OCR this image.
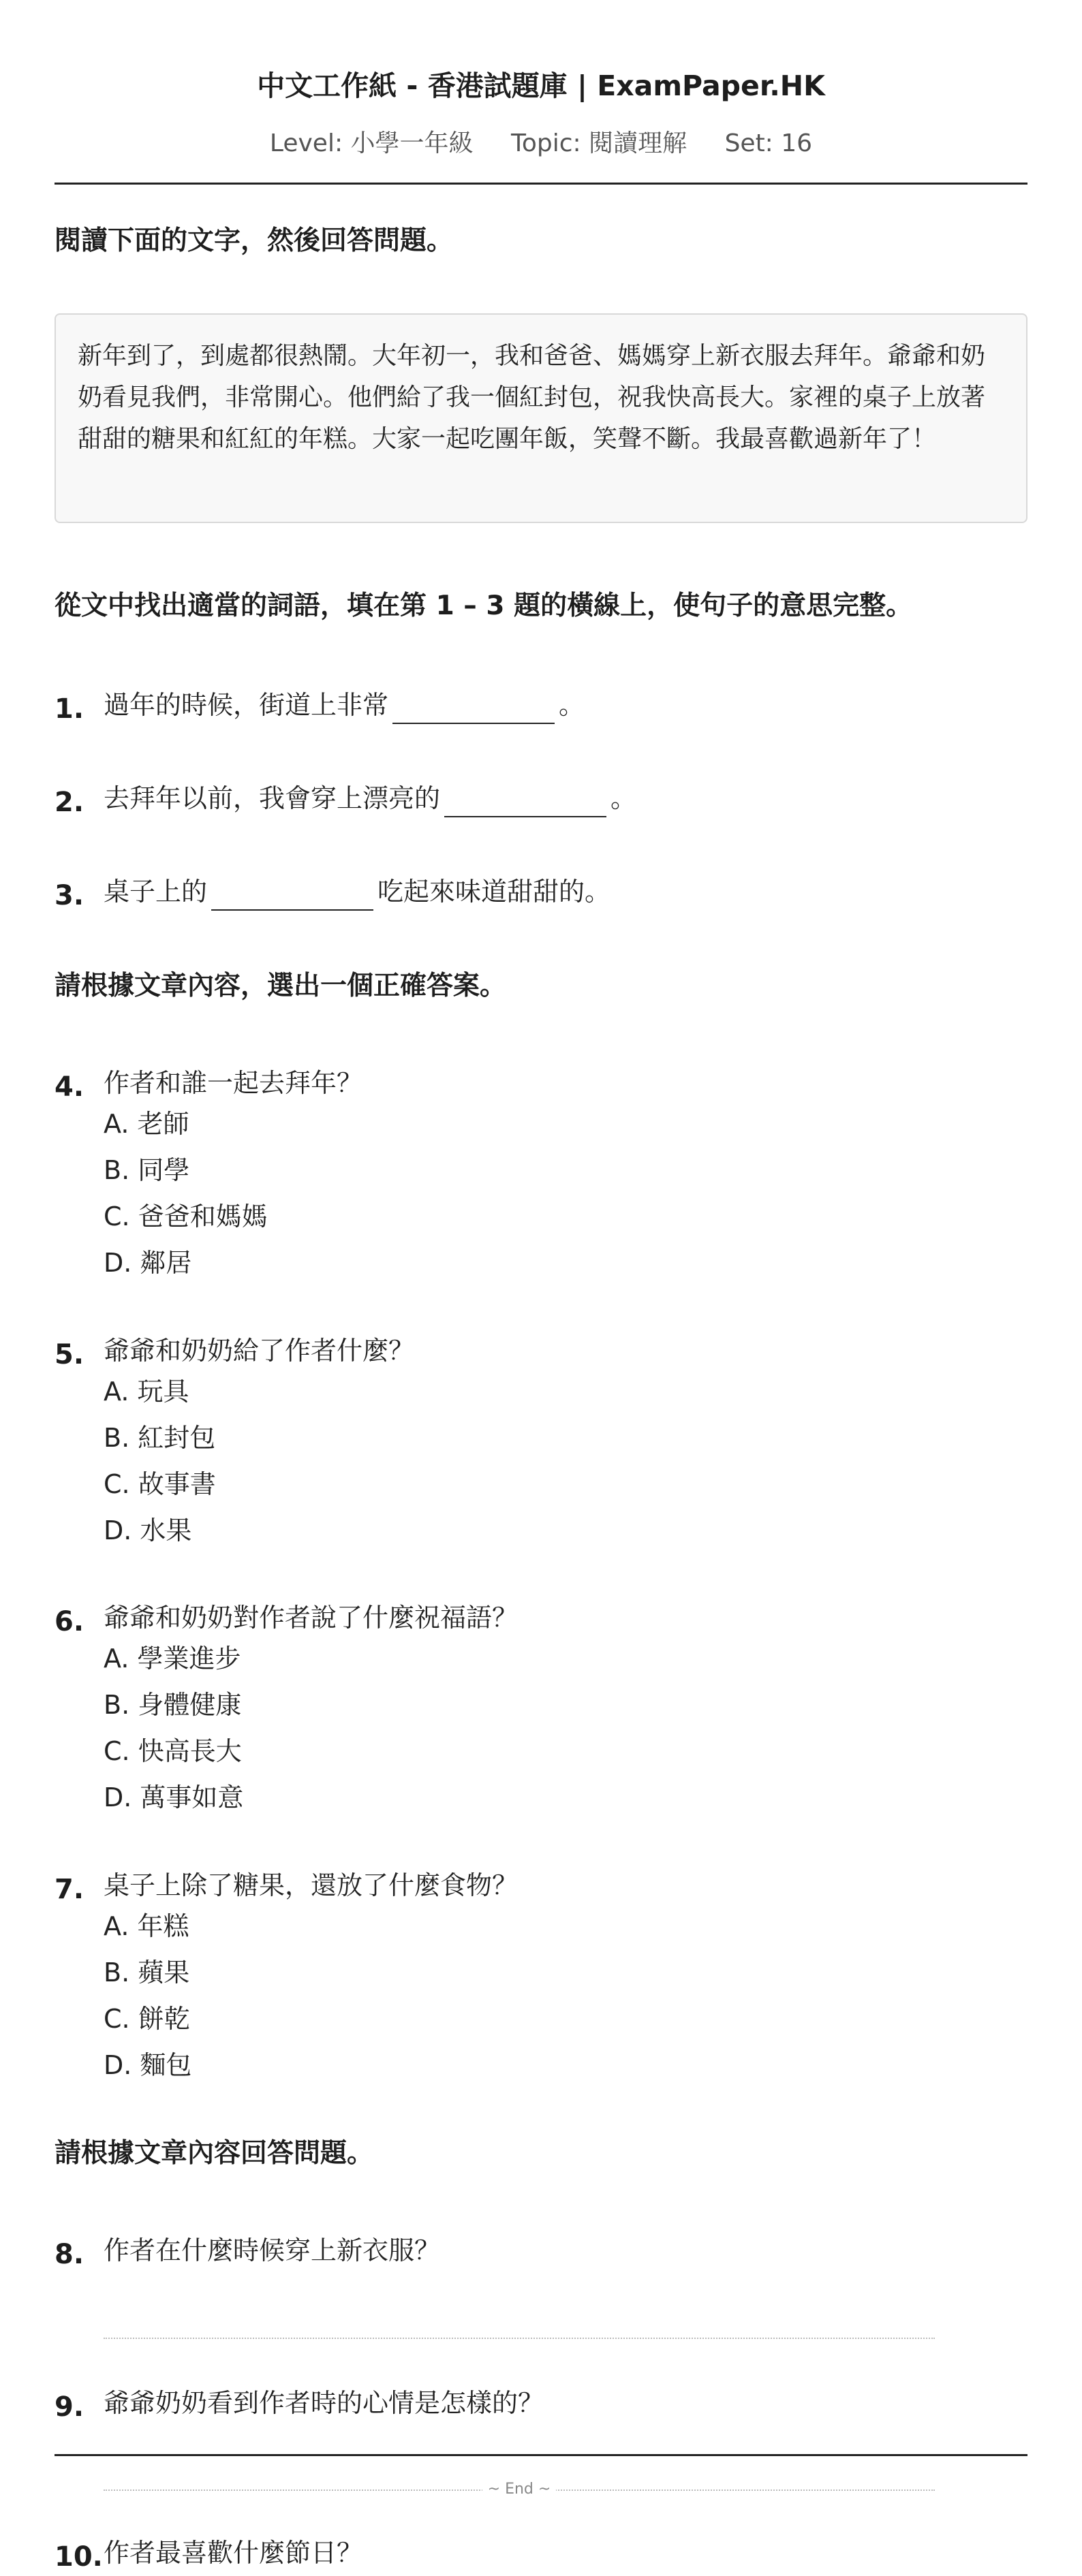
中文工作紙 - 香港試題庫 | ExamPaper.HK
Level: 小學一年級 Topic: 閱讀理解 Set: 16
閱讀下面的文字，然後回答問題。
新年到了，到處都很熱鬧。大年初一，我和爸爸、媽媽穿上新衣服去拜年。爺爺和奶奶看見我們，非常開心。他們給了我一個紅封包，祝我快高長大。家裡的桌子上放著甜甜的糖果和紅紅的年糕。大家一起吃團年飯，笑聲不斷。我最喜歡過新年了！
從文中找出適當的詞語，填在第 1 – 3 題的橫線上，使句子的意思完整。
1. 過年的時候，街道上非常	。
2. 去拜年以前，我會穿上漂亮的	。
3. 桌子上的	吃起來味道甜甜的。
請根據文章內容，選出一個正確答案。
4. 作者和誰一起去拜年？
A. 老師
B. 同學
C. 爸爸和媽媽
D. 鄰居
5. 爺爺和奶奶給了作者什麼？
A. 玩具
B. 紅封包
C. 故事書
D. 水果
6. 爺爺和奶奶對作者說了什麼祝福語？
A. 學業進步
B. 身體健康
C. 快高長大
D. 萬事如意
7. 桌子上除了糖果，還放了什麼食物？
A. 年糕
B. 蘋果
C. 餅乾
D. 麵包
請根據文章內容回答問題。
8. 作者在什麼時候穿上新衣服？
9. 爺爺奶奶看到作者時的心情是怎樣的？
~ End ~
10. 作者最喜歡什麼節日？
